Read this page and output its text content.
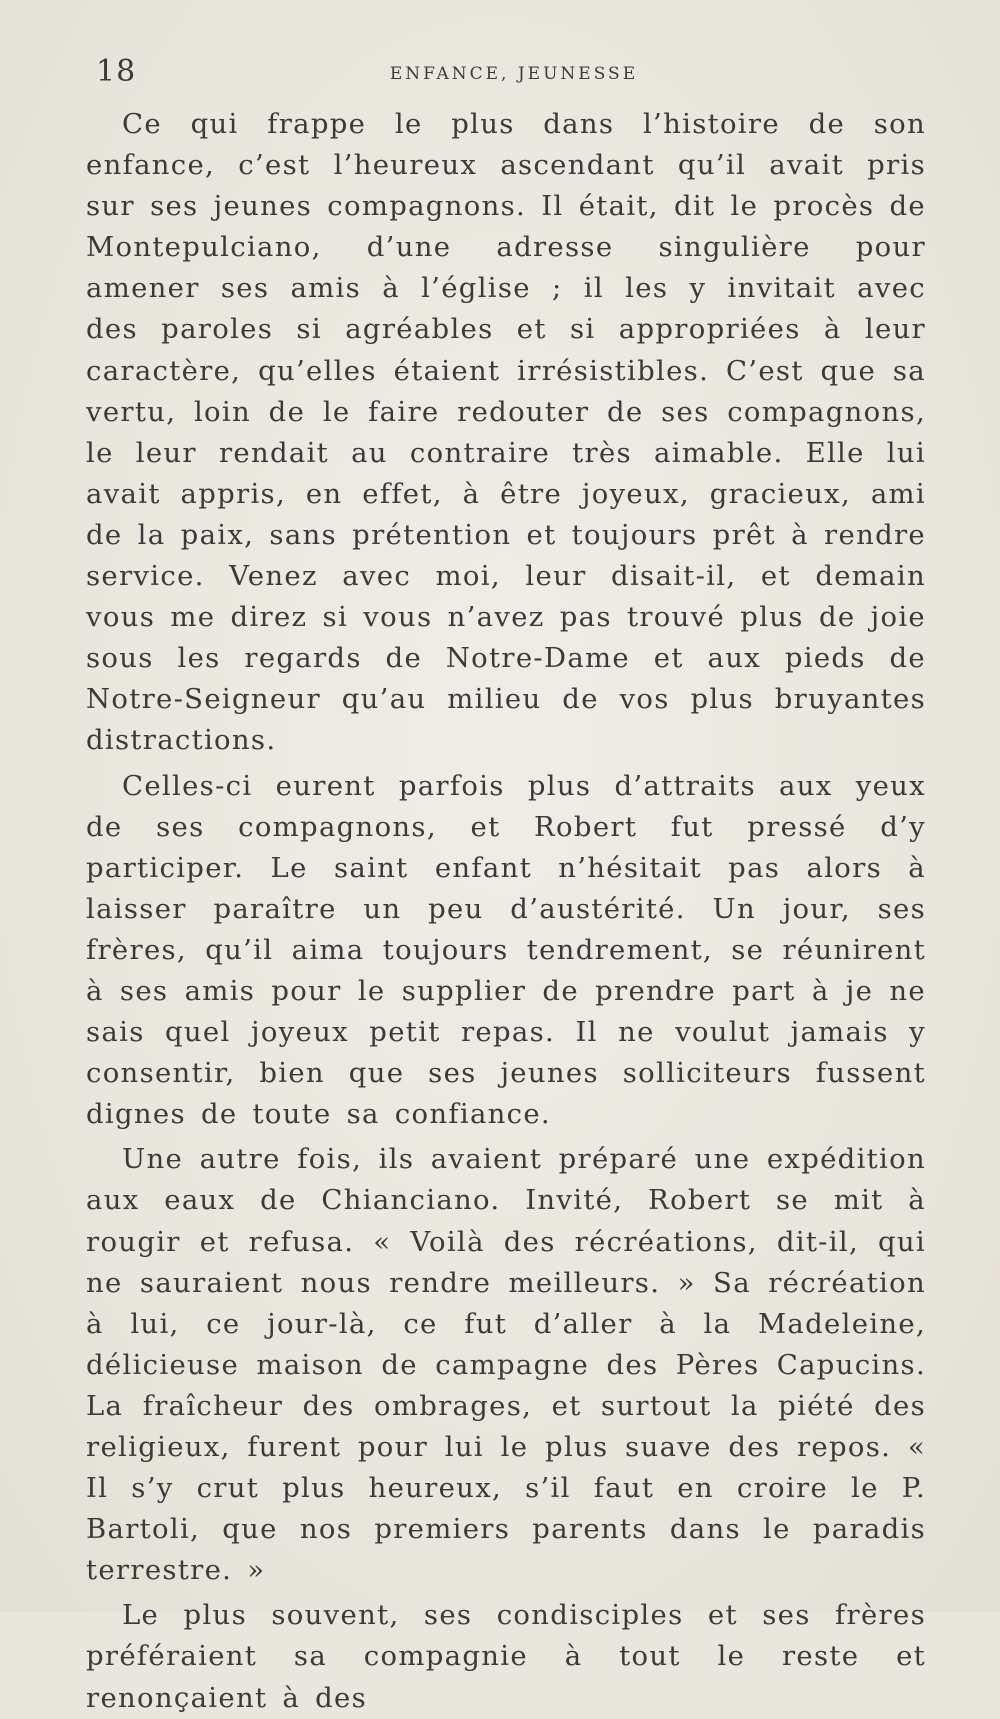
18	ENFANCE, JEUNESSE

Ce qui frappe le plus dans l’histoire de son enfance, c’est l’heureux ascendant qu’il avait pris sur ses jeunes compagnons. Il était, dit le procès de Montepulciano, d’une adresse singulière pour amener ses amis à l’église ; il les y invitait avec des paroles si agréables et si appropriées à leur caractère, qu’elles étaient irrésistibles. C’est que sa vertu, loin de le faire redouter de ses compagnons, le leur rendait au contraire très aimable. Elle lui avait appris, en effet, à être joyeux, gracieux, ami de la paix, sans prétention et toujours prêt à rendre service. Venez avec moi, leur disait-il, et demain vous me direz si vous n’avez pas trouvé plus de joie sous les regards de Notre-Dame et aux pieds de Notre-Seigneur qu’au milieu de vos plus bruyantes distractions.

Celles-ci eurent parfois plus d’attraits aux yeux de ses compagnons, et Robert fut pressé d’y participer. Le saint enfant n’hésitait pas alors à laisser paraître un peu d’austérité. Un jour, ses frères, qu’il aima toujours tendrement, se réunirent à ses amis pour le supplier de prendre part à je ne sais quel joyeux petit repas. Il ne voulut jamais y consentir, bien que ses jeunes solliciteurs fussent dignes de toute sa confiance.

Une autre fois, ils avaient préparé une expédition aux eaux de Chianciano. Invité, Robert se mit à rougir et refusa. « Voilà des récréations, dit-il, qui ne sauraient nous rendre meilleurs. » Sa récréation à lui, ce jour-là, ce fut d’aller à la Madeleine, délicieuse maison de campagne des Pères Capucins. La fraîcheur des ombrages, et surtout la piété des religieux, furent pour lui le plus suave des repos. « Il s’y crut plus heureux, s’il faut en croire le P. Bartoli, que nos premiers parents dans le paradis terrestre. »

Le plus souvent, ses condisciples et ses frères préféraient sa compagnie à tout le reste et renonçaient à des
